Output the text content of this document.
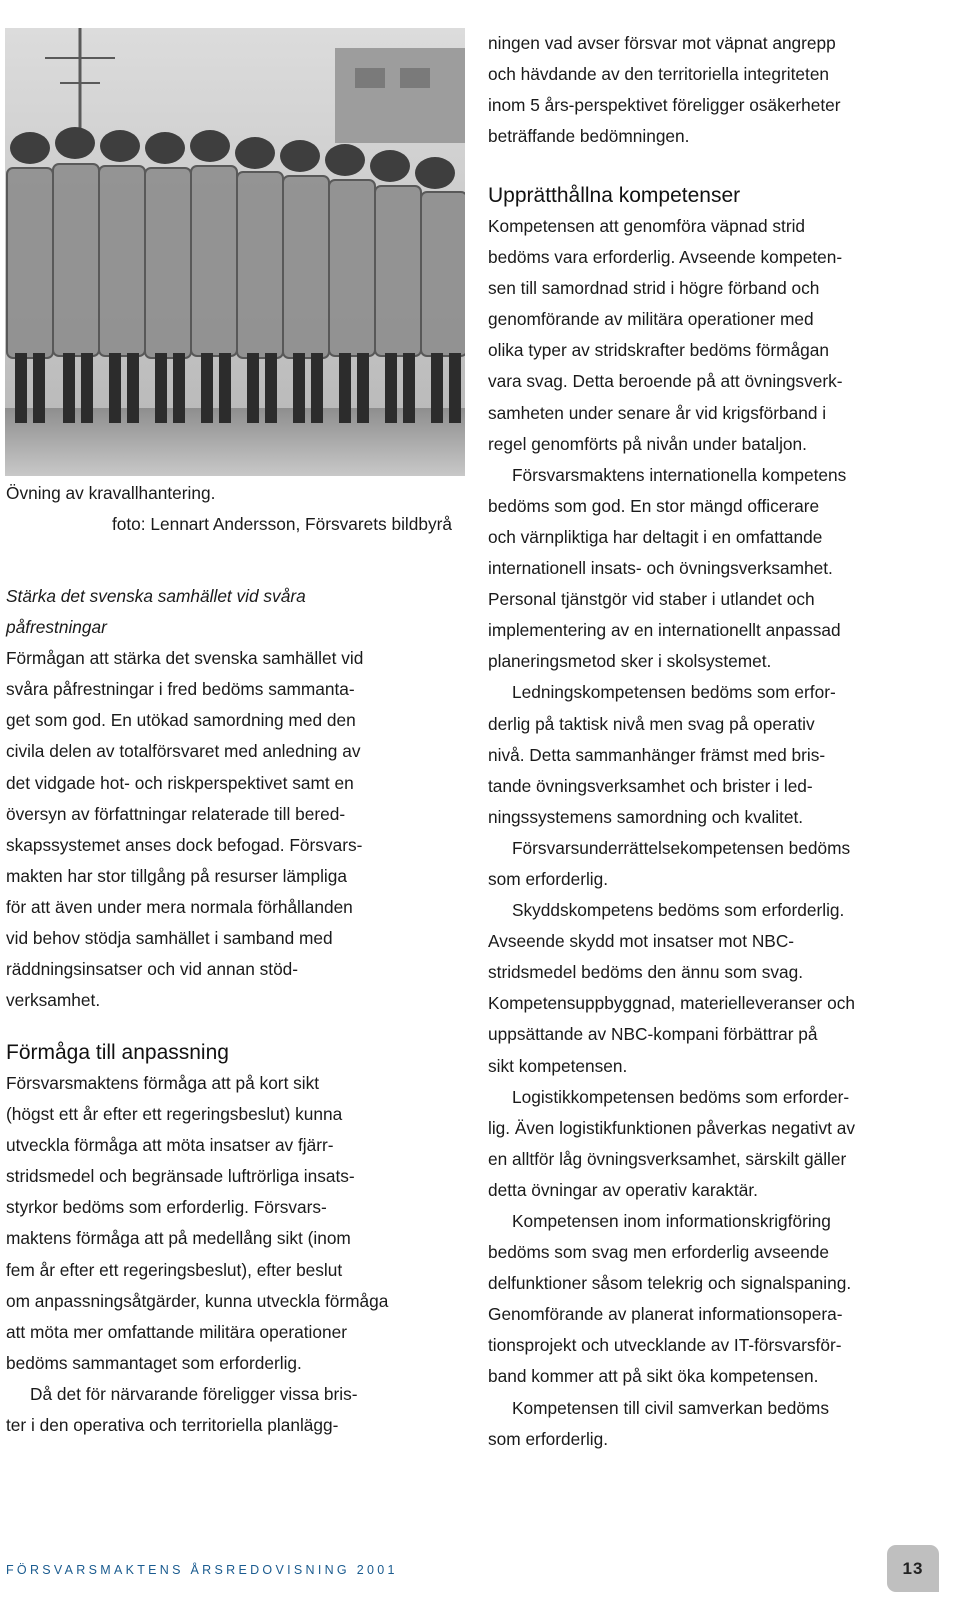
Övning av kravallhantering.

foto: Lennart Andersson, Försvarets bildbyrå

Stärka det svenska samhället vid svåra

påfrestningar

Förmågan att stärka det svenska samhället vid

svåra påfrestningar i fred bedöms sammanta-

get som god. En utökad samordning med den

civila delen av totalförsvaret med anledning av

det vidgade hot- och riskperspektivet samt en

översyn av författningar relaterade till bered-

skapssystemet anses dock befogad. Försvars-

makten har stor tillgång på resurser lämpliga

för att även under mera normala förhållanden

vid behov stödja samhället i samband med

räddningsinsatser och vid annan stöd-

verksamhet.

Förmåga till anpassning

Försvarsmaktens förmåga att på kort sikt

(högst ett år efter ett regeringsbeslut) kunna

utveckla förmåga att möta insatser av fjärr-

stridsmedel och begränsade luftrörliga insats-

styrkor bedöms som erforderlig. Försvars-

maktens förmåga att på medellång sikt (inom

fem år efter ett regeringsbeslut), efter beslut

om anpassningsåtgärder, kunna utveckla förmåga

att möta mer omfattande militära operationer

bedöms sammantaget som erforderlig.

Då det för närvarande föreligger vissa bris-

ter i den operativa och territoriella planlägg-

ningen vad avser försvar mot väpnat angrepp

och hävdande av den territoriella integriteten

inom 5 års-perspektivet föreligger osäkerheter

beträffande bedömningen.

Upprätthållna kompetenser

Kompetensen att genomföra väpnad strid

bedöms vara erforderlig. Avseende kompeten-

sen till samordnad strid i högre förband och

genomförande av militära operationer med

olika typer av stridskrafter bedöms förmågan

vara svag. Detta beroende på att övningsverk-

samheten under senare år vid krigsförband i

regel genomförts på nivån under bataljon.

Försvarsmaktens internationella kompetens

bedöms som god. En stor mängd officerare

och värnpliktiga har deltagit i en omfattande

internationell insats- och övningsverksamhet.

Personal tjänstgör vid staber i utlandet och

implementering av en internationellt anpassad

planeringsmetod sker i skolsystemet.

Ledningskompetensen bedöms som erfor-

derlig på taktisk nivå men svag på operativ

nivå. Detta sammanhänger främst med bris-

tande övningsverksamhet och brister i led-

ningssystemens samordning och kvalitet.

Försvarsunderrättelsekompetensen bedöms

som erforderlig.

Skyddskompetens bedöms som erforderlig.

Avseende skydd mot insatser mot NBC-

stridsmedel bedöms den ännu som svag.

Kompetensuppbyggnad, materielleveranser och

uppsättande av NBC-kompani förbättrar på

sikt kompetensen.

Logistikkompetensen bedöms som erforder-

lig. Även logistikfunktionen påverkas negativt av

en alltför låg övningsverksamhet, särskilt gäller

detta övningar av operativ karaktär.

Kompetensen inom informationskrigföring

bedöms som svag men erforderlig avseende

delfunktioner såsom telekrig och signalspaning.

Genomförande av planerat informationsopera-

tionsprojekt och utvecklande av IT-försvarsför-

band kommer att på sikt öka kompetensen.

Kompetensen till civil samverkan bedöms

som erforderlig.

FÖRSVARSMAKTENS ÅRSREDOVISNING 2001	13
